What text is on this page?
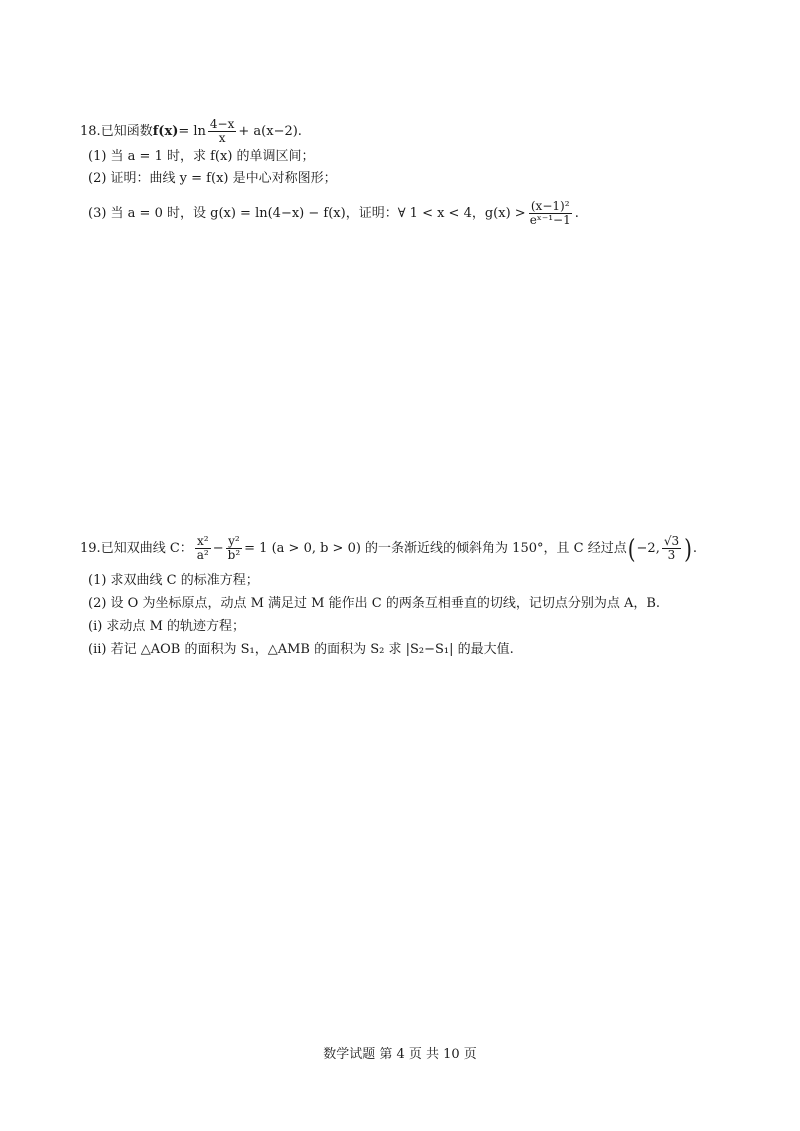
18. 已知函数 $f(x) = \ln \frac{4-x}{x} + a(x-2)$.
(1) 当 a = 1 时，求 f(x) 的单调区间；
(2) 证明：曲线 y = f(x) 是中心对称图形；
(3) 当 a = 0 时，设 g(x) = ln(4−x) − f(x)，证明：∀ 1 < x < 4，$g(x) > \frac{\text{(x−1)²}}{\text{eˣ⁻¹−1}}$ .
19. 已知双曲线 C： $\frac{\text{x²}}{\text{a²}} - \frac{\text{y²}}{\text{b²}} = 1$ (a > 0, b > 0) 的一条渐近线的倾斜角为 150°，且 C 经过点 ( −2, $\frac{√3}{3}$ ) .
(1) 求双曲线 C 的标准方程；
(2) 设 O 为坐标原点，动点 M 满足过 M 能作出 C 的两条互相垂直的切线，记切点分别为点 A，B.
(i) 求动点 M 的轨迹方程；
(ii) 若记 △AOB 的面积为 S₁，△AMB 的面积为 S₂ 求 |S₂−S₁| 的最大值.
数学试题 第 4 页 共 10 页
